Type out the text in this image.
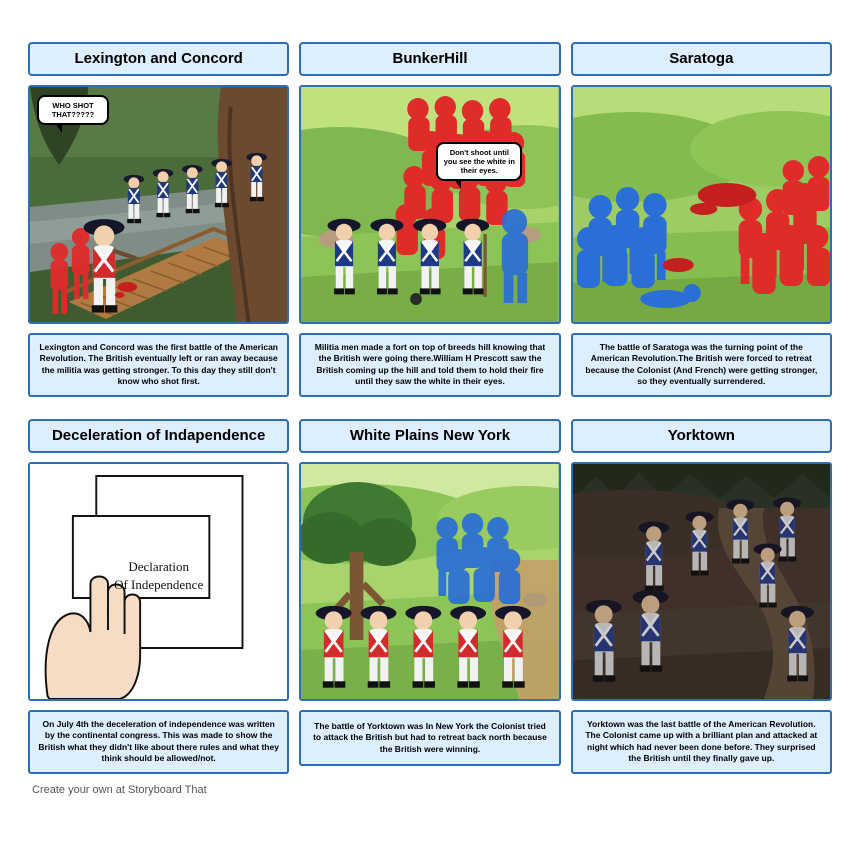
Lexington and Concord
WHO SHOT THAT?????
Lexington and Concord was the first battle of the American Revolution. The British eventually left or ran away because the militia was getting stronger. To this day they still don't know who shot first.
BunkerHill
Don't shoot until you see the white in their eyes.
Militia men made a fort on top of breeds hill knowing that the British were going there.William H Prescott saw the British coming up the hill and told them to hold their fire until they saw the white in their eyes.
Saratoga
The battle of Saratoga was the turning point of the American Revolution.The British were forced to retreat because the Colonist (And French) were getting stronger, so they eventually surrendered.
Deceleration of Indapendence
Declaration
Of Independence
On July 4th the deceleration of independence was written by the continental congress. This was made to show the British what they didn't like about there rules and what they think should be allowed/not.
White Plains New York
The battle of Yorktown was In New York the Colonist tried to attack the British but had to retreat back north because the British were winning.
Yorktown
Yorktown was the last battle of the American Revolution. The Colonist came up with a brilliant plan and attacked at night which had never been done before. They surprised the British until they finally gave up.
Create your own at Storyboard That
